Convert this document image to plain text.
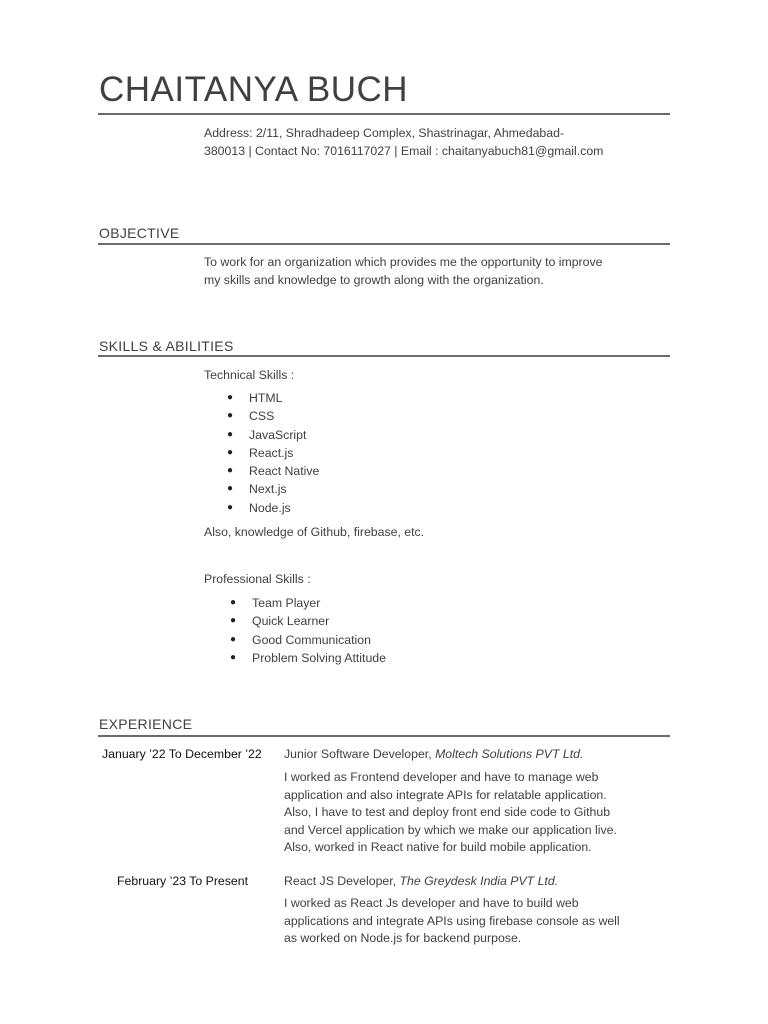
CHAITANYA BUCH
Address: 2/11, Shradhadeep Complex, Shastrinagar, Ahmedabad-
380013 | Contact No: 7016117027 | Email : chaitanyabuch81@gmail.com
OBJECTIVE
To work for an organization which provides me the opportunity to improve
my skills and knowledge to growth along with the organization.
SKILLS & ABILITIES
Technical Skills :
● HTML
● CSS
● JavaScript
● React.js
● React Native
● Next.js
● Node.js
Also, knowledge of Github, firebase, etc.
Professional Skills :
● Team Player
● Quick Learner
● Good Communication
● Problem Solving Attitude
EXPERIENCE
January ’22 To December ’22 Junior Software Developer, Moltech Solutions PVT Ltd.
I worked as Frontend developer and have to manage web
application and also integrate APIs for relatable application.
Also, I have to test and deploy front end side code to Github
and Vercel application by which we make our application live.
Also, worked in React native for build mobile application.
February ’23 To Present	React JS Developer, The Greydesk India PVT Ltd.
I worked as React Js developer and have to build web
applications and integrate APIs using firebase console as well
as worked on Node.js for backend purpose.
